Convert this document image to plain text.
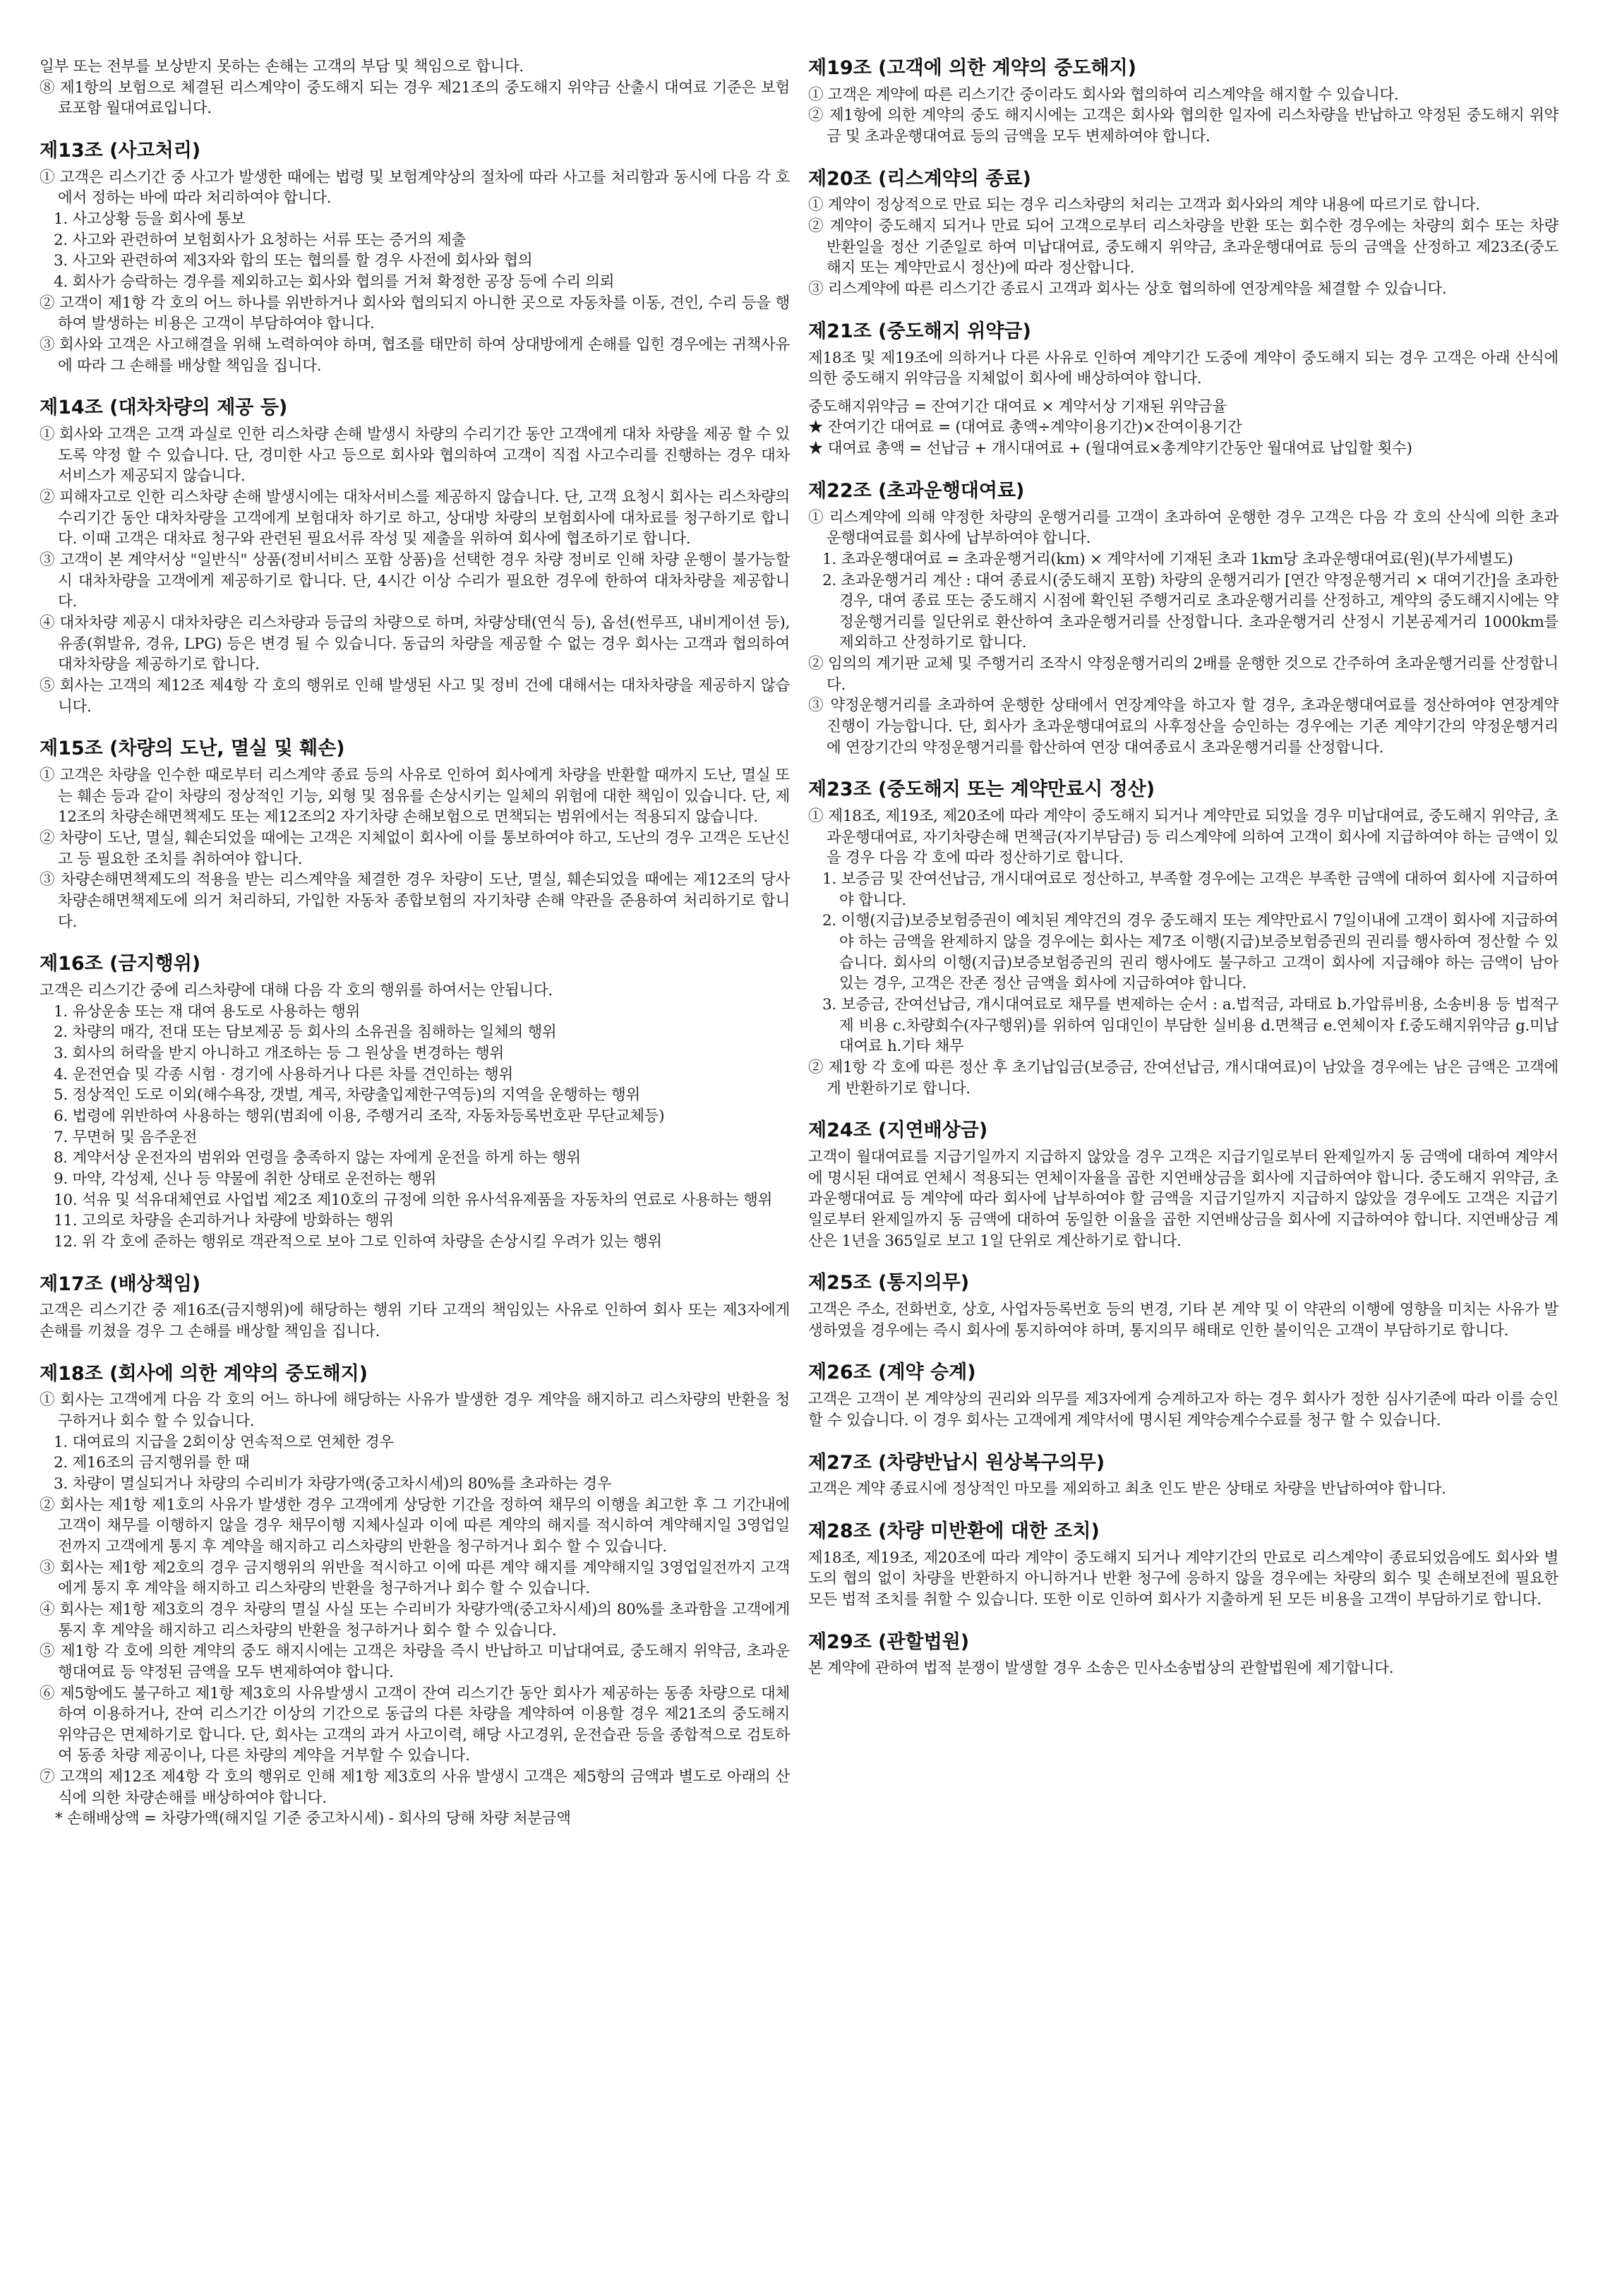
일부 또는 전부를 보상받지 못하는 손해는 고객의 부담 및 책임으로 합니다.

⑧ 제1항의 보험으로 체결된 리스계약이 중도해지 되는 경우 제21조의 중도해지 위약금 산출시 대여료 기준은 보험료포함 월대여료입니다.

제13조 (사고처리)

① 고객은 리스기간 중 사고가 발생한 때에는 법령 및 보험계약상의 절차에 따라 사고를 처리함과 동시에 다음 각 호에서 정하는 바에 따라 처리하여야 합니다.

1. 사고상황 등을 회사에 통보

2. 사고와 관련하여 보험회사가 요청하는 서류 또는 증거의 제출

3. 사고와 관련하여 제3자와 합의 또는 협의를 할 경우 사전에 회사와 협의

4. 회사가 승락하는 경우를 제외하고는 회사와 협의를 거쳐 확정한 공장 등에 수리 의뢰

② 고객이 제1항 각 호의 어느 하나를 위반하거나 회사와 협의되지 아니한 곳으로 자동차를 이동, 견인, 수리 등을 행하여 발생하는 비용은 고객이 부담하여야 합니다.

③ 회사와 고객은 사고해결을 위해 노력하여야 하며, 협조를 태만히 하여 상대방에게 손해를 입힌 경우에는 귀책사유에 따라 그 손해를 배상할 책임을 집니다.

제14조 (대차차량의 제공 등)

① 회사와 고객은 고객 과실로 인한 리스차량 손해 발생시 차량의 수리기간 동안 고객에게 대차 차량을 제공 할 수 있도록 약정 할 수 있습니다. 단, 경미한 사고 등으로 회사와 협의하여 고객이 직접 사고수리를 진행하는 경우 대차서비스가 제공되지 않습니다.

② 피해자고로 인한 리스차량 손해 발생시에는 대차서비스를 제공하지 않습니다. 단, 고객 요청시 회사는 리스차량의 수리기간 동안 대차차량을 고객에게 보험대차 하기로 하고, 상대방 차량의 보험회사에 대차료를 청구하기로 합니다. 이때 고객은 대차료 청구와 관련된 필요서류 작성 및 제출을 위하여 회사에 협조하기로 합니다.

③ 고객이 본 계약서상 "일반식" 상품(정비서비스 포함 상품)을 선택한 경우 차량 정비로 인해 차량 운행이 불가능할 시 대차차량을 고객에게 제공하기로 합니다. 단, 4시간 이상 수리가 필요한 경우에 한하여 대차차량을 제공합니다.

④ 대차차량 제공시 대차차량은 리스차량과 등급의 차량으로 하며, 차량상태(연식 등), 옵션(썬루프, 내비게이션 등), 유종(휘발유, 경유, LPG) 등은 변경 될 수 있습니다. 동급의 차량을 제공할 수 없는 경우 회사는 고객과 협의하여 대차차량을 제공하기로 합니다.

⑤ 회사는 고객의 제12조 제4항 각 호의 행위로 인해 발생된 사고 및 정비 건에 대해서는 대차차량을 제공하지 않습니다.

제15조 (차량의 도난, 멸실 및 훼손)

① 고객은 차량을 인수한 때로부터 리스계약 종료 등의 사유로 인하여 회사에게 차량을 반환할 때까지 도난, 멸실 또는 훼손 등과 같이 차량의 정상적인 기능, 외형 및 점유를 손상시키는 일체의 위험에 대한 책임이 있습니다. 단, 제12조의 차량손해면책제도 또는 제12조의2 자기차량 손해보험으로 면책되는 범위에서는 적용되지 않습니다.

② 차량이 도난, 멸실, 훼손되었을 때에는 고객은 지체없이 회사에 이를 통보하여야 하고, 도난의 경우 고객은 도난신고 등 필요한 조치를 취하여야 합니다.

③ 차량손해면책제도의 적용을 받는 리스계약을 체결한 경우 차량이 도난, 멸실, 훼손되었을 때에는 제12조의 당사 차량손해면책제도에 의거 처리하되, 가입한 자동차 종합보험의 자기차량 손해 약관을 준용하여 처리하기로 합니다.

제16조 (금지행위)

고객은 리스기간 중에 리스차량에 대해 다음 각 호의 행위를 하여서는 안됩니다.

1. 유상운송 또는 재 대여 용도로 사용하는 행위

2. 차량의 매각, 전대 또는 담보제공 등 회사의 소유권을 침해하는 일체의 행위

3. 회사의 허락을 받지 아니하고 개조하는 등 그 원상을 변경하는 행위

4. 운전연습 및 각종 시험 · 경기에 사용하거나 다른 차를 견인하는 행위

5. 정상적인 도로 이외(해수욕장, 갯벌, 계곡, 차량출입제한구역등)의 지역을 운행하는 행위

6. 법령에 위반하여 사용하는 행위(범죄에 이용, 주행거리 조작, 자동차등록번호판 무단교체등)

7. 무면허 및 음주운전

8. 계약서상 운전자의 범위와 연령을 충족하지 않는 자에게 운전을 하게 하는 행위

9. 마약, 각성제, 신나 등 약물에 취한 상태로 운전하는 행위

10. 석유 및 석유대체연료 사업법 제2조 제10호의 규정에 의한 유사석유제품을 자동차의 연료로 사용하는 행위

11. 고의로 차량을 손괴하거나 차량에 방화하는 행위

12. 위 각 호에 준하는 행위로 객관적으로 보아 그로 인하여 차량을 손상시킬 우려가 있는 행위

제17조 (배상책임)

고객은 리스기간 중 제16조(금지행위)에 해당하는 행위 기타 고객의 책임있는 사유로 인하여 회사 또는 제3자에게 손해를 끼쳤을 경우 그 손해를 배상할 책임을 집니다.

제18조 (회사에 의한 계약의 중도해지)

① 회사는 고객에게 다음 각 호의 어느 하나에 해당하는 사유가 발생한 경우 계약을 해지하고 리스차량의 반환을 청구하거나 회수 할 수 있습니다.

1. 대여료의 지급을 2회이상 연속적으로 연체한 경우

2. 제16조의 금지행위를 한 때

3. 차량이 멸실되거나 차량의 수리비가 차량가액(중고차시세)의 80%를 초과하는 경우

② 회사는 제1항 제1호의 사유가 발생한 경우 고객에게 상당한 기간을 정하여 채무의 이행을 최고한 후 그 기간내에 고객이 채무를 이행하지 않을 경우 채무이행 지체사실과 이에 따른 계약의 해지를 적시하여 계약해지일 3영업일전까지 고객에게 통지 후 계약을 해지하고 리스차량의 반환을 청구하거나 회수 할 수 있습니다.

③ 회사는 제1항 제2호의 경우 금지행위의 위반을 적시하고 이에 따른 계약 해지를 계약해지일 3영업일전까지 고객에게 통지 후 계약을 해지하고 리스차량의 반환을 청구하거나 회수 할 수 있습니다.

④ 회사는 제1항 제3호의 경우 차량의 멸실 사실 또는 수리비가 차량가액(중고차시세)의 80%를 초과함을 고객에게 통지 후 계약을 해지하고 리스차량의 반환을 청구하거나 회수 할 수 있습니다.

⑤ 제1항 각 호에 의한 계약의 중도 해지시에는 고객은 차량을 즉시 반납하고 미납대여료, 중도해지 위약금, 초과운행대여료 등 약정된 금액을 모두 변제하여야 합니다.

⑥ 제5항에도 불구하고 제1항 제3호의 사유발생시 고객이 잔여 리스기간 동안 회사가 제공하는 동종 차량으로 대체하여 이용하거나, 잔여 리스기간 이상의 기간으로 동급의 다른 차량을 계약하여 이용할 경우 제21조의 중도해지 위약금은 면제하기로 합니다. 단, 회사는 고객의 과거 사고이력, 해당 사고경위, 운전습관 등을 종합적으로 검토하여 동종 차량 제공이나, 다른 차량의 계약을 거부할 수 있습니다.

⑦ 고객의 제12조 제4항 각 호의 행위로 인해 제1항 제3호의 사유 발생시 고객은 제5항의 금액과 별도로 아래의 산식에 의한 차량손해를 배상하여야 합니다.

* 손해배상액 = 차량가액(해지일 기준 중고차시세) - 회사의 당해 차량 처분금액

제19조 (고객에 의한 계약의 중도해지)

① 고객은 계약에 따른 리스기간 중이라도 회사와 협의하여 리스계약을 해지할 수 있습니다.

② 제1항에 의한 계약의 중도 해지시에는 고객은 회사와 협의한 일자에 리스차량을 반납하고 약정된 중도해지 위약금 및 초과운행대여료 등의 금액을 모두 변제하여야 합니다.

제20조 (리스계약의 종료)

① 계약이 정상적으로 만료 되는 경우 리스차량의 처리는 고객과 회사와의 계약 내용에 따르기로 합니다.

② 계약이 중도해지 되거나 만료 되어 고객으로부터 리스차량을 반환 또는 회수한 경우에는 차량의 회수 또는 차량 반환일을 정산 기준일로 하여 미납대여료, 중도해지 위약금, 초과운행대여료 등의 금액을 산정하고 제23조(중도해지 또는 계약만료시 정산)에 따라 정산합니다.

③ 리스계약에 따른 리스기간 종료시 고객과 회사는 상호 협의하에 연장계약을 체결할 수 있습니다.

제21조 (중도해지 위약금)

제18조 및 제19조에 의하거나 다른 사유로 인하여 계약기간 도중에 계약이 중도해지 되는 경우 고객은 아래 산식에 의한 중도해지 위약금을 지체없이 회사에 배상하여야 합니다.

중도해지위약금 = 잔여기간 대여료 × 계약서상 기재된 위약금율

★ 잔여기간 대여료 = (대여료 총액÷계약이용기간)×잔여이용기간

★ 대여료 총액 = 선납금 + 개시대여료 + (월대여료×총계약기간동안 월대여료 납입할 횟수)

제22조 (초과운행대여료)

① 리스계약에 의해 약정한 차량의 운행거리를 고객이 초과하여 운행한 경우 고객은 다음 각 호의 산식에 의한 초과운행대여료를 회사에 납부하여야 합니다.

1. 초과운행대여료 = 초과운행거리(km) × 계약서에 기재된 초과 1km당 초과운행대여료(원)(부가세별도)

2. 초과운행거리 계산 : 대여 종료시(중도해지 포함) 차량의 운행거리가 [연간 약정운행거리 × 대여기간]을 초과한 경우, 대여 종료 또는 중도해지 시점에 확인된 주행거리로 초과운행거리를 산정하고, 계약의 중도해지시에는 약정운행거리를 일단위로 환산하여 초과운행거리를 산정합니다. 초과운행거리 산정시 기본공제거리 1000km를 제외하고 산정하기로 합니다.

② 임의의 계기판 교체 및 주행거리 조작시 약정운행거리의 2배를 운행한 것으로 간주하여 초과운행거리를 산정합니다.

③ 약정운행거리를 초과하여 운행한 상태에서 연장계약을 하고자 할 경우, 초과운행대여료를 정산하여야 연장계약 진행이 가능합니다. 단, 회사가 초과운행대여료의 사후정산을 승인하는 경우에는 기존 계약기간의 약정운행거리에 연장기간의 약정운행거리를 합산하여 연장 대여종료시 초과운행거리를 산정합니다.

제23조 (중도해지 또는 계약만료시 정산)

① 제18조, 제19조, 제20조에 따라 계약이 중도해지 되거나 계약만료 되었을 경우 미납대여료, 중도해지 위약금, 초과운행대여료, 자기차량손해 면책금(자기부담금) 등 리스계약에 의하여 고객이 회사에 지급하여야 하는 금액이 있을 경우 다음 각 호에 따라 정산하기로 합니다.

1. 보증금 및 잔여선납금, 개시대여료로 정산하고, 부족할 경우에는 고객은 부족한 금액에 대하여 회사에 지급하여야 합니다.

2. 이행(지급)보증보험증권이 예치된 계약건의 경우 중도해지 또는 계약만료시 7일이내에 고객이 회사에 지급하여야 하는 금액을 완제하지 않을 경우에는 회사는 제7조 이행(지급)보증보험증권의 권리를 행사하여 정산할 수 있습니다. 회사의 이행(지급)보증보험증권의 권리 행사에도 불구하고 고객이 회사에 지급해야 하는 금액이 남아 있는 경우, 고객은 잔존 정산 금액을 회사에 지급하여야 합니다.

3. 보증금, 잔여선납금, 개시대여료로 채무를 변제하는 순서 : a.법적금, 과태료 b.가압류비용, 소송비용 등 법적구제 비용 c.차량회수(자구행위)를 위하여 임대인이 부담한 실비용 d.면책금 e.연체이자 f.중도해지위약금 g.미납대여료 h.기타 채무

② 제1항 각 호에 따른 정산 후 초기납입금(보증금, 잔여선납금, 개시대여료)이 남았을 경우에는 남은 금액은 고객에게 반환하기로 합니다.

제24조 (지연배상금)

고객이 월대여료를 지급기일까지 지급하지 않았을 경우 고객은 지급기일로부터 완제일까지 동 금액에 대하여 계약서에 명시된 대여료 연체시 적용되는 연체이자율을 곱한 지연배상금을 회사에 지급하여야 합니다. 중도해지 위약금, 초과운행대여료 등 계약에 따라 회사에 납부하여야 할 금액을 지급기일까지 지급하지 않았을 경우에도 고객은 지급기일로부터 완제일까지 동 금액에 대하여 동일한 이율을 곱한 지연배상금을 회사에 지급하여야 합니다. 지연배상금 계산은 1년을 365일로 보고 1일 단위로 계산하기로 합니다.

제25조 (통지의무)

고객은 주소, 전화번호, 상호, 사업자등록번호 등의 변경, 기타 본 계약 및 이 약관의 이행에 영향을 미치는 사유가 발생하였을 경우에는 즉시 회사에 통지하여야 하며, 통지의무 해태로 인한 불이익은 고객이 부담하기로 합니다.

제26조 (계약 승계)

고객은 고객이 본 계약상의 권리와 의무를 제3자에게 승계하고자 하는 경우 회사가 정한 심사기준에 따라 이를 승인할 수 있습니다. 이 경우 회사는 고객에게 계약서에 명시된 계약승계수수료를 청구 할 수 있습니다.

제27조 (차량반납시 원상복구의무)

고객은 계약 종료시에 정상적인 마모를 제외하고 최초 인도 받은 상태로 차량을 반납하여야 합니다.

제28조 (차량 미반환에 대한 조치)

제18조, 제19조, 제20조에 따라 계약이 중도해지 되거나 계약기간의 만료로 리스계약이 종료되었음에도 회사와 별도의 협의 없이 차량을 반환하지 아니하거나 반환 청구에 응하지 않을 경우에는 차량의 회수 및 손해보전에 필요한 모든 법적 조치를 취할 수 있습니다. 또한 이로 인하여 회사가 지출하게 된 모든 비용을 고객이 부담하기로 합니다.

제29조 (관할법원)

본 계약에 관하여 법적 분쟁이 발생할 경우 소송은 민사소송법상의 관할법원에 제기합니다.
